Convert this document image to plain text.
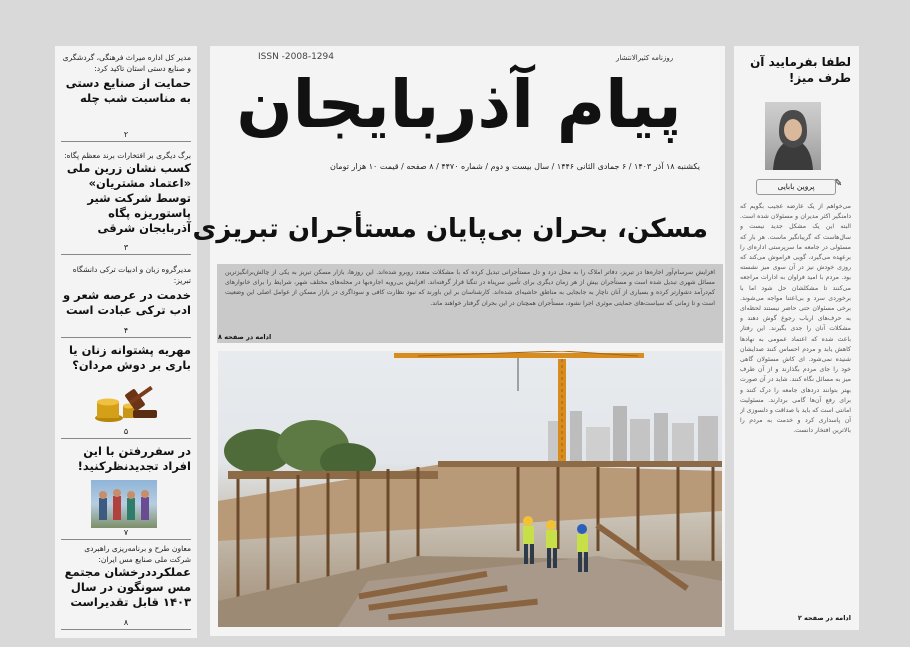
مدیر کل اداره میراث فرهنگی، گردشگری و صنایع دستی استان تاکید کرد:
حمایت از صنایع دستی به مناسبت شب چله
۲
برگ دیگری بر افتخارات برند معظم پگاه:
کسب نشان زرین ملی «اعتماد مشتریان» توسط شرکت شیر پاستوریزه پگاه آذربایجان شرقی
۳
مدیرگروه زبان و ادبیات ترکی دانشگاه تبریز:
خدمت در عرصه شعر و ادب ترکی عبادت است
۴
مهریه پشتوانه زنان یا باری بر دوش مردان؟
۵
در سفررفتن با این افراد تجدیدنظرکنید!
۷
معاون طرح و برنامه‌ریزی راهبردی شرکت ملی صنایع مس ایران:
عملکرددرخشان مجتمع مس سونگون در سال ۱۴۰۳ قابل تقدیراست
۸
ISSN -2008-1294	روزنامه کثیرالانتشار
پیام آذربایجان
یکشنبه ۱۸ آذر ۱۴۰۳ / ۶ جمادی الثانی ۱۴۴۶ / سال بیست و دوم / شماره ۴۴۷۰ / ۸ صفحه / قیمت ۱۰ هزار تومان
مسکن، بحران بی‌پایان مستأجران تبریزی
افزایش سرسام‌آور اجاره‌ها در تبریز، دفاتر املاک را به محل درد و دل مستأجرانی تبدیل کرده که با مشکلات متعدد روبرو شده‌اند. این روزها، بازار مسکن تبریز به یکی از چالش‌برانگیزترین مسائل شهری تبدیل شده است و مستأجران بیش از هر زمان دیگری برای تأمین سرپناه در تنگنا قرار گرفته‌اند. افزایش بی‌رویه اجاره‌بها در محله‌های مختلف شهر، شرایط را برای خانوارهای کم‌درآمد دشوارتر کرده و بسیاری از آنان ناچار به جابجایی به مناطق حاشیه‌ای شده‌اند. کارشناسان بر این باورند که نبود نظارت کافی و سوداگری در بازار مسکن از عوامل اصلی این وضعیت است و تا زمانی که سیاست‌های حمایتی موثری اجرا نشود، مستأجران همچنان در این بحران گرفتار خواهند ماند.
ادامه در صفحه ۸
لطفا بفرمایید آن طرف میز!
✎
پروین بابایی
می‌خواهم از یک عارضه عجیب بگویم که دامنگیر اکثر مدیران و مسئولان شده است. البته این یک مشکل جدید نیست و سال‌هاست که گریبانگیر ماست. هر بار که مسئولی در جامعه ما سرپرستی اداره‌ای را برعهده می‌گیرد، گویی فراموش می‌کند که روزی خودش نیز در آن سوی میز نشسته بود. مردم با امید فراوان به ادارات مراجعه می‌کنند تا مشکلشان حل شود اما با برخوردی سرد و بی‌اعتنا مواجه می‌شوند. برخی مسئولان حتی حاضر نیستند لحظه‌ای به حرف‌های ارباب رجوع گوش دهند و مشکلات آنان را جدی بگیرند. این رفتار باعث شده که اعتماد عمومی به نهادها کاهش یابد و مردم احساس کنند صدایشان شنیده نمی‌شود. ای کاش مسئولان گاهی خود را جای مردم بگذارند و از آن طرف میز به مسائل نگاه کنند. شاید در آن صورت بهتر بتوانند دردهای جامعه را درک کنند و برای رفع آن‌ها گامی بردارند. مسئولیت امانتی است که باید با صداقت و دلسوزی از آن پاسداری کرد و خدمت به مردم را بالاترین افتخار دانست.
ادامه در صفحه ۲
